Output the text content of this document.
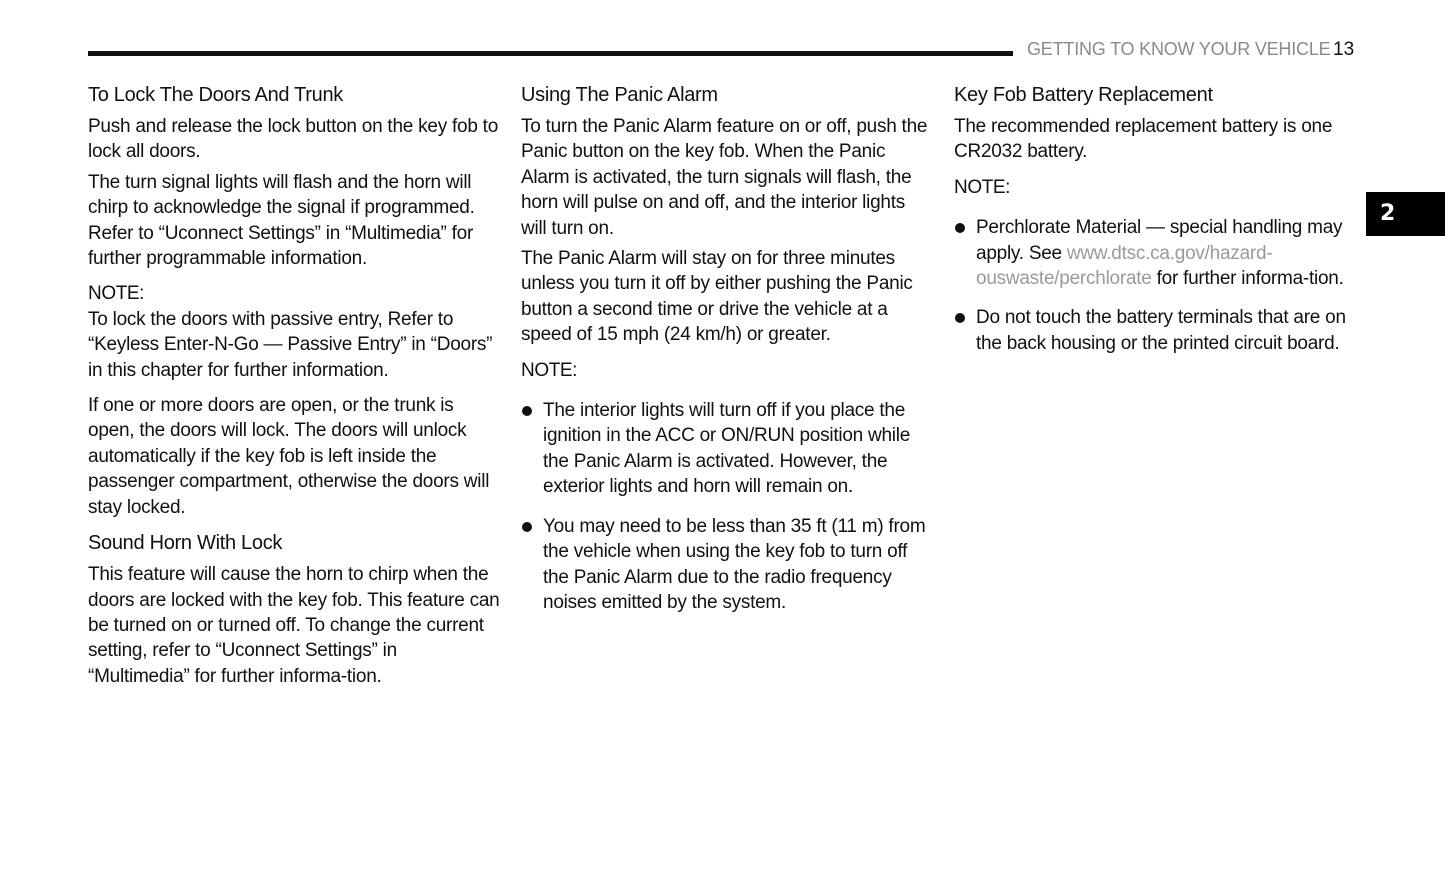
GETTING TO KNOW YOUR VEHICLE 13
2
To Lock The Doors And Trunk

Push and release the lock button on the key fob to lock all doors.

The turn signal lights will flash and the horn will chirp to acknowledge the signal if programmed. Refer to “Uconnect Settings” in “Multimedia” for further programmable information.

NOTE:

To lock the doors with passive entry, Refer to “Keyless Enter-N-Go — Passive Entry” in “Doors” in this chapter for further information.

If one or more doors are open, or the trunk is open, the doors will lock. The doors will unlock automatically if the key fob is left inside the passenger compartment, otherwise the doors will stay locked.

Sound Horn With Lock

This feature will cause the horn to chirp when the doors are locked with the key fob. This feature can be turned on or turned off. To change the current setting, refer to “Uconnect Settings” in “Multimedia” for further informa-tion.

Using The Panic Alarm

To turn the Panic Alarm feature on or off, push the Panic button on the key fob. When the Panic Alarm is activated, the turn signals will flash, the horn will pulse on and off, and the interior lights will turn on.

The Panic Alarm will stay on for three minutes unless you turn it off by either pushing the Panic button a second time or drive the vehicle at a speed of 15 mph (24 km/h) or greater.

NOTE:
The interior lights will turn off if you place the ignition in the ACC or ON/RUN position while the Panic Alarm is activated. However, the exterior lights and horn will remain on.
You may need to be less than 35 ft (11 m) from the vehicle when using the key fob to turn off the Panic Alarm due to the radio frequency noises emitted by the system.
Key Fob Battery Replacement

The recommended replacement battery is one CR2032 battery.

NOTE:
Perchlorate Material — special handling may apply. See www.dtsc.ca.gov/hazard-ouswaste/perchlorate for further informa-tion.
Do not touch the battery terminals that are on the back housing or the printed circuit board.
